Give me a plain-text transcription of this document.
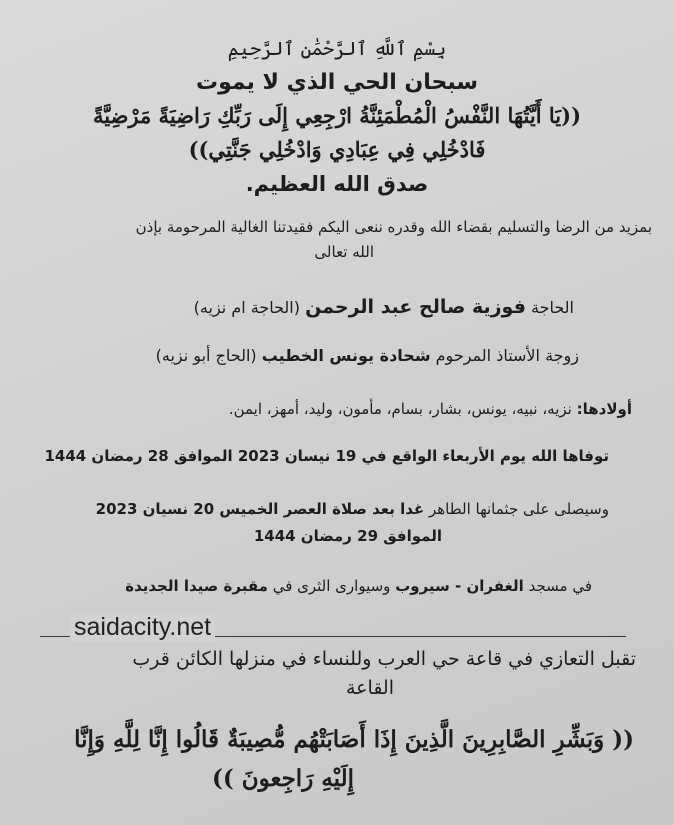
بِسْمِ ٱللَّهِ ٱلرَّحْمَٰنِ ٱلرَّحِيمِ
سبحان الحي الذي لا يموت
((يَا أَيَّتُهَا النَّفْسُ الْمُطْمَئِنَّةُ ارْجِعِي إِلَى رَبِّكِ رَاضِيَةً مَرْضِيَّةً
فَادْخُلِي فِي عِبَادِي وَادْخُلِي جَنَّتِي))
صدق الله العظيم.
بمزيد من الرضا والتسليم بقضاء الله وقدره ننعى اليكم فقيدتنا الغالية المرحومة بإذن
الله تعالى
الحاجة فوزية صالح عبد الرحمن (الحاجة ام نزيه)
زوجة الأستاذ المرحوم شحادة يونس الخطيب (الحاج أبو نزيه)
أولادها: نزيه، نبيه، يونس، بشار، بسام، مأمون، وليد، أمهز، ايمن.
توفاها الله يوم الأربعاء الواقع في 19 نيسان 2023 الموافق 28 رمضان 1444
وسيصلى على جثمانها الطاهر غدا بعد صلاة العصر الخميس 20 نسيان 2023
الموافق 29 رمضان 1444
في مسجد الغفران - سيروب وسيوارى الثرى في مقبرة صيدا الجديدة
saidacity.net
تقبل التعازي في قاعة حي العرب وللنساء في منزلها الكائن قرب
القاعة
(( وَبَشِّرِ الصَّابِرِينَ الَّذِينَ إِذَا أَصَابَتْهُم مُّصِيبَةٌ قَالُوا إِنَّا لِلَّهِ وَإِنَّا
إِلَيْهِ رَاجِعونَ ))
